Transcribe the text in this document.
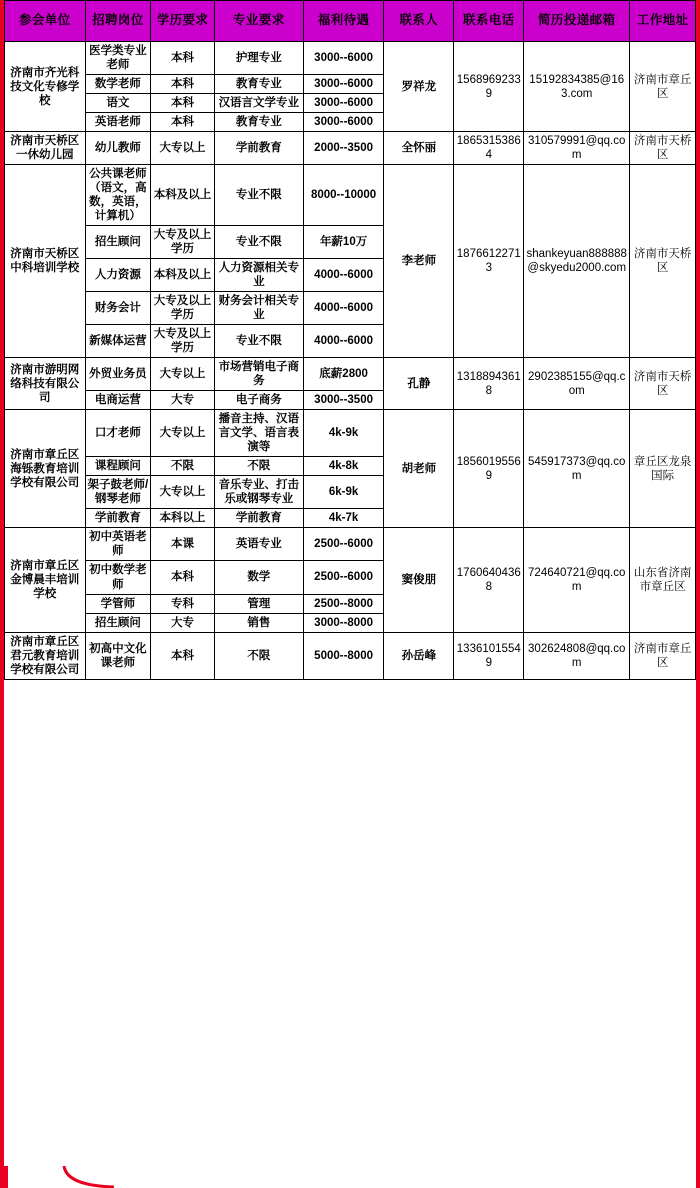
参会单位	招聘岗位	学历要求	专业要求	福利待遇	联系人	联系电话	简历投递邮箱	工作地址
济南市齐光科技文化专修学校	医学类专业老师	本科	护理专业	3000--6000	罗祥龙	15689692339	15192834385@163.com	济南市章丘区
	数学老师	本科	教育专业	3000--6000				
	语文	本科	汉语言文学专业	3000--6000				
	英语老师	本科	教育专业	3000--6000				
济南市天桥区一休幼儿园	幼儿教师	大专以上	学前教育	2000--3500	全怀丽	18653153864	310579991@qq.com	济南市天桥区
济南市天桥区中科培训学校	公共课老师（语文，高数，英语，计算机）	本科及以上	专业不限	8000--10000	李老师	18766122713	shankeyuan888888@skyedu2000.com	济南市天桥区
	招生顾问	大专及以上学历	专业不限	年薪10万				
	人力资源	本科及以上	人力资源相关专业	4000--6000				
	财务会计	大专及以上学历	财务会计相关专业	4000--6000				
	新媒体运营	大专及以上学历	专业不限	4000--6000				
济南市游明网络科技有限公司	外贸业务员	大专以上	市场营销电子商务	底薪2800	孔静	13188943618	2902385155@qq.com	济南市天桥区
	电商运营	大专	电子商务	3000--3500				
济南市章丘区海铄教育培训学校有限公司	口才老师	大专以上	播音主持、汉语言文学、语言表演等	4k-9k	胡老师	18560195569	545917373@qq.com	章丘区龙泉国际
	课程顾问	不限	不限	4k-8k				
	架子鼓老师/钢琴老师	大专以上	音乐专业、打击乐或钢琴专业	6k-9k				
	学前教育	本科以上	学前教育	4k-7k				
济南市章丘区金博晨丰培训学校	初中英语老师	本课	英语专业	2500--6000	窦俊朋	17606404368	724640721@qq.com	山东省济南市章丘区
	初中数学老师	本科	数学	2500--6000				
	学管师	专科	管理	2500--8000				
	招生顾问	大专	销售	3000--8000				
济南市章丘区君元教育培训学校有限公司	初高中文化课老师	本科	不限	5000--8000	孙岳峰	13361015549	302624808@qq.com	济南市章丘区
